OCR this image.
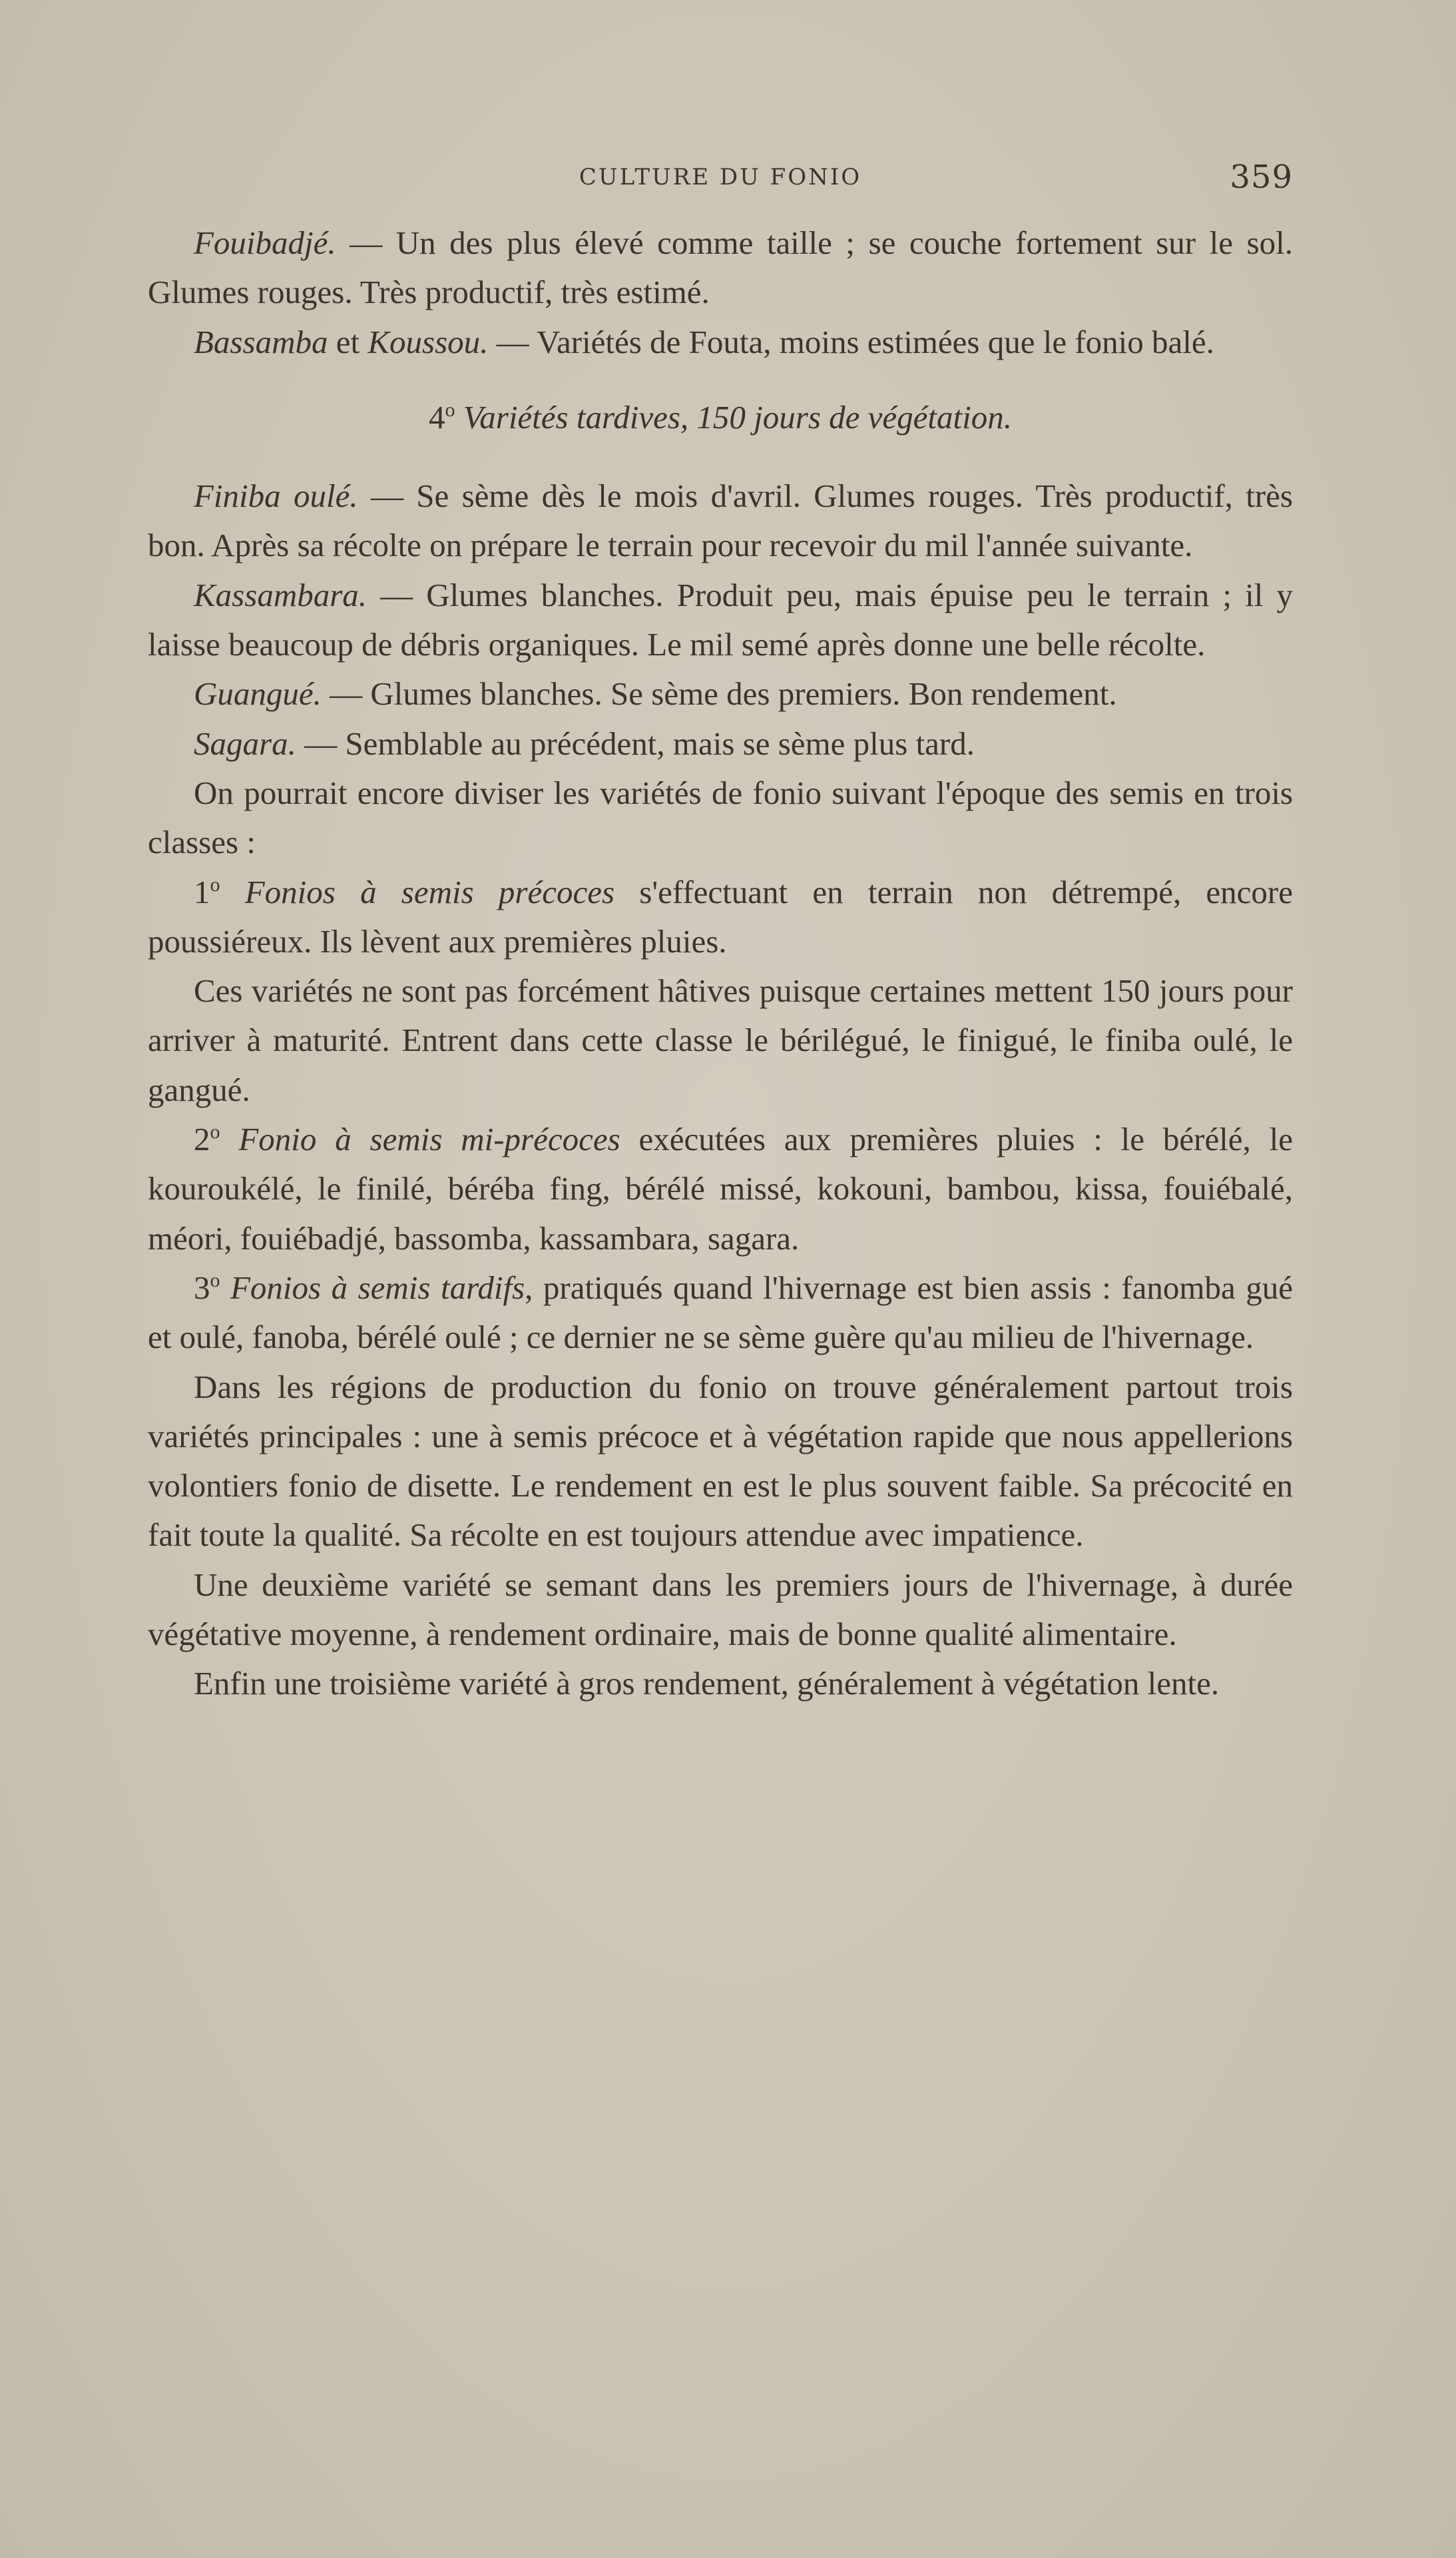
CULTURE DU FONIO	359

Fouibadjé. — Un des plus élevé comme taille ; se couche fortement sur le sol. Glumes rouges. Très productif, très estimé.

Bassamba et Koussou. — Variétés de Fouta, moins estimées que le fonio balé.

4$^o$ Variétés tardives, 150 jours de végétation.

Finiba oulé. — Se sème dès le mois d'avril. Glumes rouges. Très productif, très bon. Après sa récolte on prépare le terrain pour recevoir du mil l'année suivante.

Kassambara. — Glumes blanches. Produit peu, mais épuise peu le terrain ; il y laisse beaucoup de débris organiques. Le mil semé après donne une belle récolte.

Guangué. — Glumes blanches. Se sème des premiers. Bon rendement.

Sagara. — Semblable au précédent, mais se sème plus tard.

On pourrait encore diviser les variétés de fonio suivant l'époque des semis en trois classes :

1$^o$ Fonios à semis précoces s'effectuant en terrain non détrempé, encore poussiéreux. Ils lèvent aux premières pluies.

Ces variétés ne sont pas forcément hâtives puisque certaines mettent 150 jours pour arriver à maturité. Entrent dans cette classe le bérilégué, le finigué, le finiba oulé, le gangué.

2$^o$ Fonio à semis mi-précoces exécutées aux premières pluies : le bérélé, le kouroukélé, le finilé, béréba fing, bérélé missé, kokouni, bambou, kissa, fouiébalé, méori, fouiébadjé, bassomba, kassambara, sagara.

3$^o$ Fonios à semis tardifs, pratiqués quand l'hivernage est bien assis : fanomba gué et oulé, fanoba, bérélé oulé ; ce dernier ne se sème guère qu'au milieu de l'hivernage.

Dans les régions de production du fonio on trouve généralement partout trois variétés principales : une à semis précoce et à végétation rapide que nous appellerions volontiers fonio de disette. Le rendement en est le plus souvent faible. Sa précocité en fait toute la qualité. Sa récolte en est toujours attendue avec impatience.

Une deuxième variété se semant dans les premiers jours de l'hivernage, à durée végétative moyenne, à rendement ordinaire, mais de bonne qualité alimentaire.

Enfin une troisième variété à gros rendement, généralement à végétation lente.
